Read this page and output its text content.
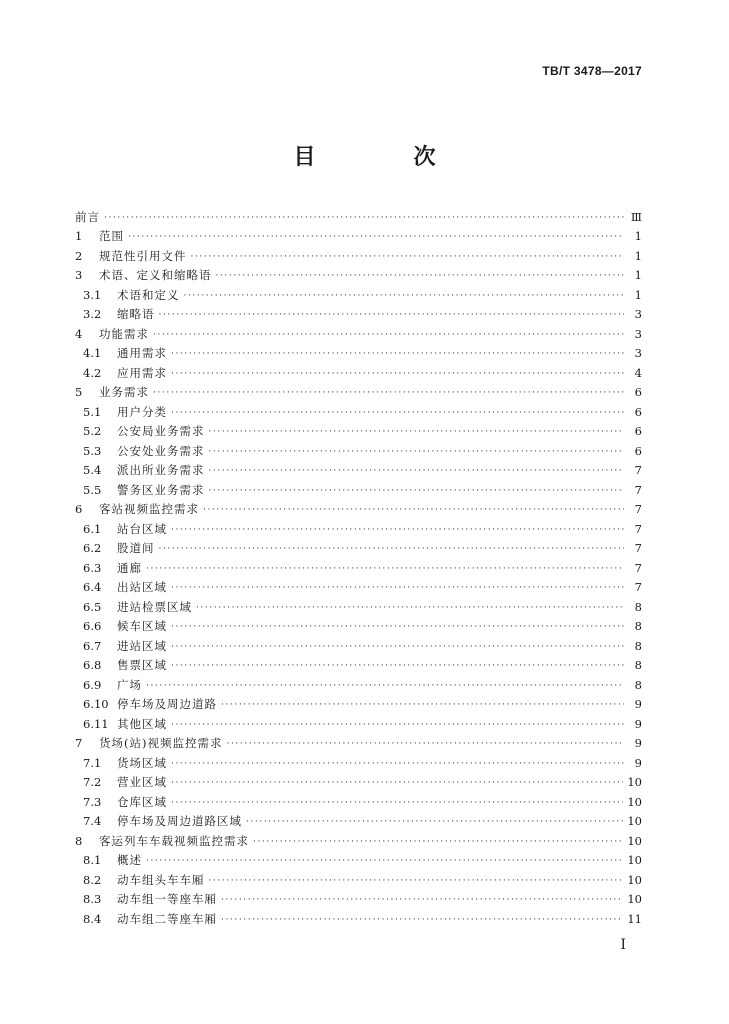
TB/T 3478—2017
目　次
前言 ·····	Ⅲ
1	范围 ·····	1
2	规范性引用文件 ·····	1
3	术语、定义和缩略语 ·····	1
3.1	术语和定义 ·····	1
3.2	缩略语 ·····	3
4	功能需求 ·····	3
4.1	通用需求 ·····	3
4.2	应用需求 ·····	4
5	业务需求 ·····	6
5.1	用户分类 ·····	6
5.2	公安局业务需求 ·····	6
5.3	公安处业务需求 ·····	6
5.4	派出所业务需求 ·····	7
5.5	警务区业务需求 ·····	7
6	客站视频监控需求 ·····	7
6.1	站台区域 ·····	7
6.2	股道间 ·····	7
6.3	通廊 ·····	7
6.4	出站区域 ·····	7
6.5	进站检票区域 ·····	8
6.6	候车区域 ·····	8
6.7	进站区域 ·····	8
6.8	售票区域 ·····	8
6.9	广场 ·····	8
6.10 停车场及周边道路 ·····	9
6.11 其他区域 ·····	9
7	货场(站)视频监控需求 ·····	9
7.1	货场区域 ·····	9
7.2	营业区域 ·····	10
7.3	仓库区域 ·····	10
7.4	停车场及周边道路区域 ·····	10
8	客运列车车载视频监控需求 ·····	10
8.1	概述 ·····	10
8.2	动车组头车车厢 ·····	10
8.3	动车组一等座车厢 ·····	10
8.4	动车组二等座车厢 ·····	11
I
